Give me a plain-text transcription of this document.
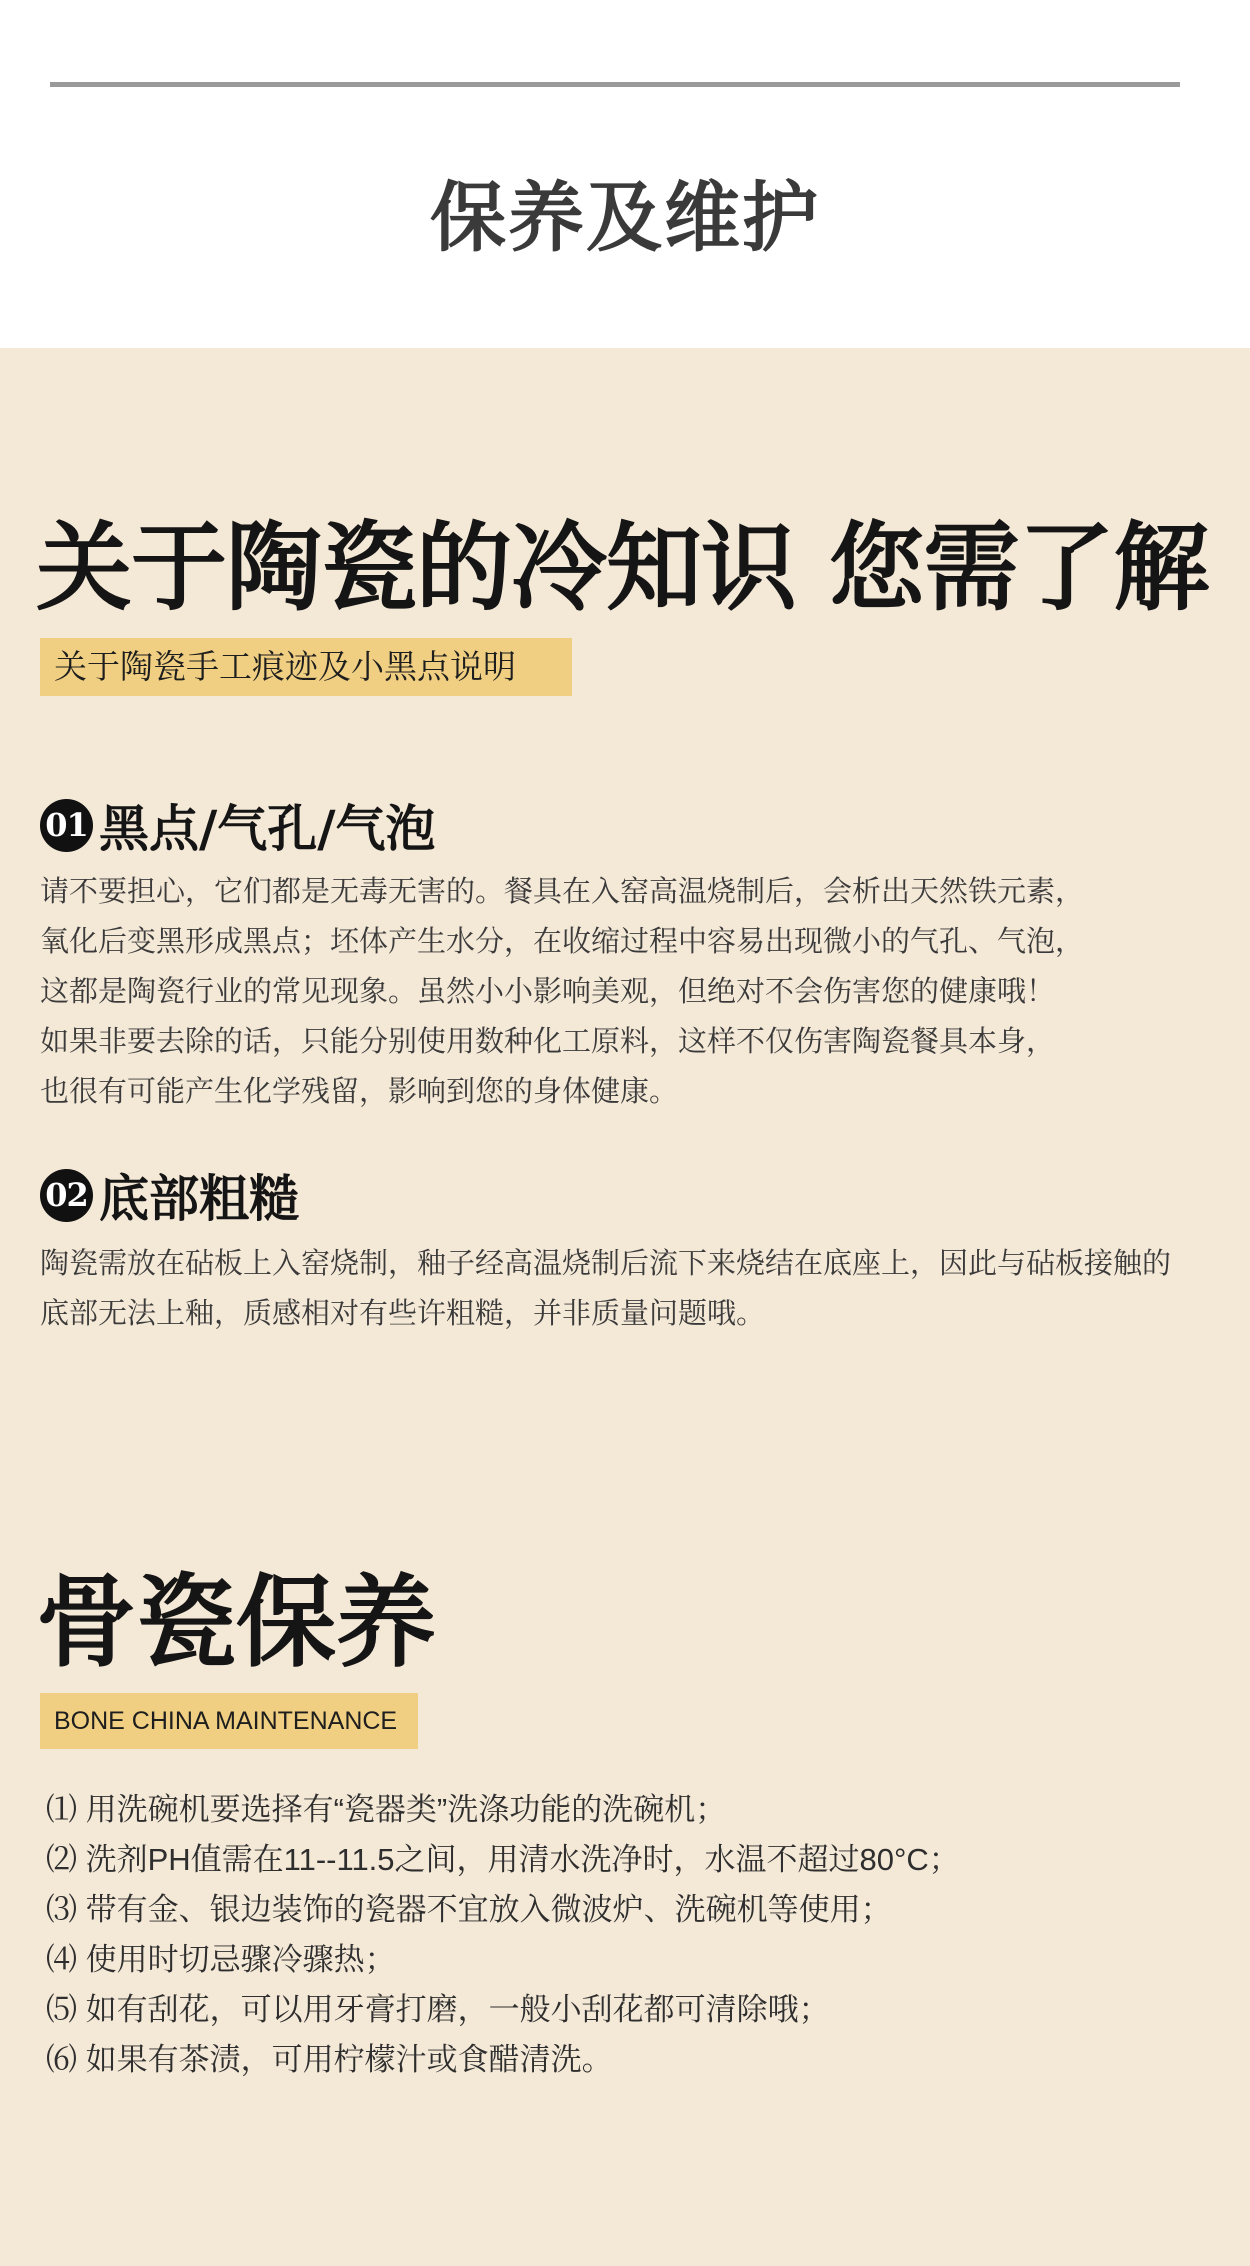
保养及维护
关于陶瓷的冷知识 您需了解
关于陶瓷手工痕迹及小黑点说明
01 黑点/气孔/气泡
请不要担心，它们都是无毒无害的。餐具在入窑高温烧制后，会析出天然铁元素，
氧化后变黑形成黑点；坯体产生水分，在收缩过程中容易出现微小的气孔、气泡，
这都是陶瓷行业的常见现象。虽然小小影响美观，但绝对不会伤害您的健康哦！
如果非要去除的话，只能分别使用数种化工原料，这样不仅伤害陶瓷餐具本身，
也很有可能产生化学残留，影响到您的身体健康。
02 底部粗糙
陶瓷需放在砧板上入窑烧制，釉子经高温烧制后流下来烧结在底座上，因此与砧板接触的
底部无法上釉，质感相对有些许粗糙，并非质量问题哦。
骨瓷保养
BONE CHINA MAINTENANCE
⑴ 用洗碗机要选择有“瓷器类”洗涤功能的洗碗机；
⑵ 洗剂PH值需在11--11.5之间，用清水洗净时，水温不超过80°C；
⑶ 带有金、银边装饰的瓷器不宜放入微波炉、洗碗机等使用；
⑷ 使用时切忌骤冷骤热；
⑸ 如有刮花，可以用牙膏打磨，一般小刮花都可清除哦；
⑹ 如果有茶渍，可用柠檬汁或食醋清洗。
